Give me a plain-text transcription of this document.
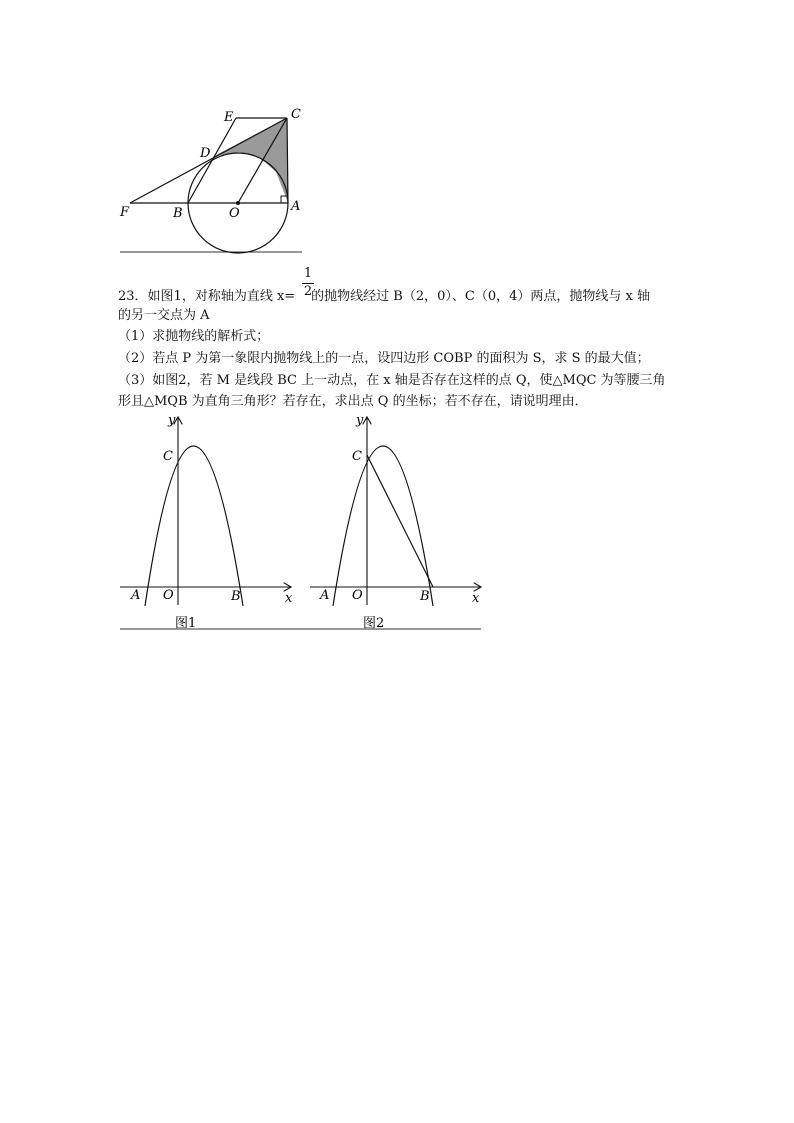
E	C
D
F	B	O	A
1
2
23．如图1，对称轴为直线 x= 的抛物线经过 B（2，0）、C（0，4）两点，抛物线与 x 轴
的另一交点为 A
（1）求抛物线的解析式；
（2）若点 P 为第一象限内抛物线上的一点，设四边形 COBP 的面积为 S，求 S 的最大值；
（3）如图2，若 M 是线段 BC 上一动点，在 x 轴是否存在这样的点 Q，使△MQC 为等腰三角
形且△MQB 为直角三角形？若存在，求出点 Q 的坐标；若不存在，请说明理由．
y
C
A O	B	x
图1
y
C
A O	B	x
图2
